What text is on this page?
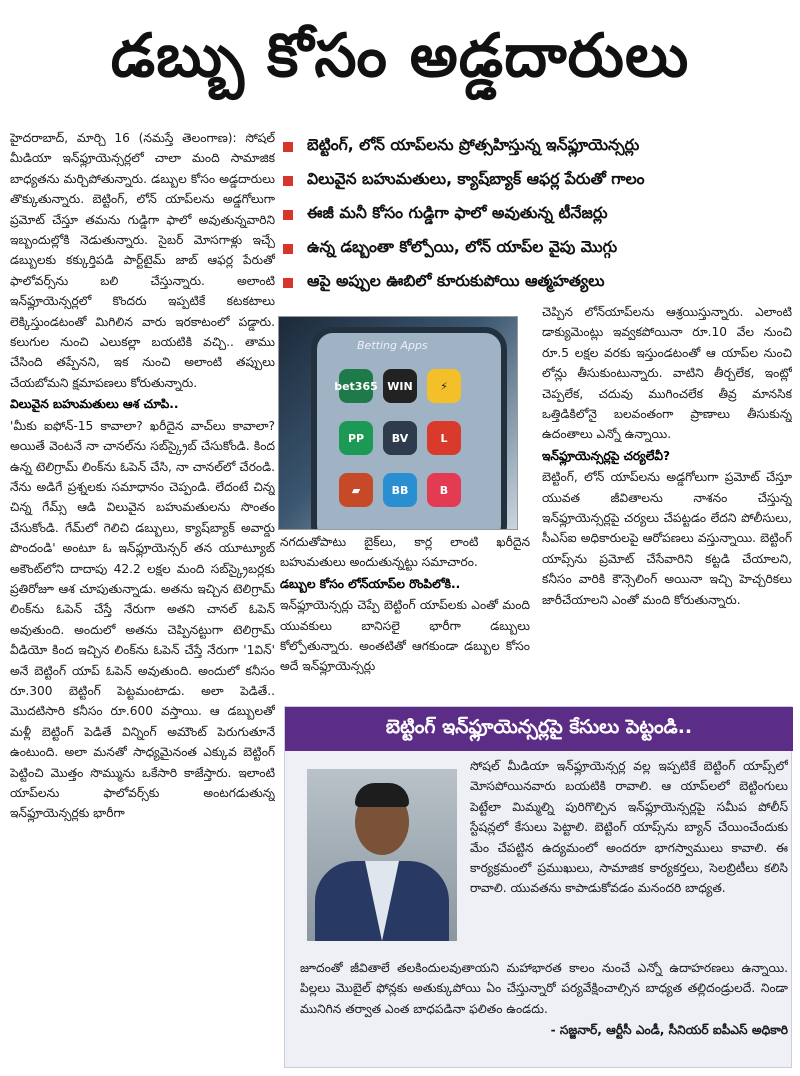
డబ్బు కోసం అడ్డదారులు

హైదరాబాద్, మార్చి 16 (నమస్తే తెలంగాణ): సోషల్ మీడియా ఇన్‌ఫ్లూయెన్సర్లలో చాలా మంది సామాజిక బాధ్యతను మర్చిపోతున్నారు. డబ్బుల కోసం అడ్డదారులు తొక్కుతున్నారు. బెట్టింగ్, లోన్ యాప్‌లను అడ్డగోలుగా ప్రమోట్ చేస్తూ తమను గుడ్డిగా ఫాలో అవుతున్నవారిని ఇబ్బందుల్లోకి నెడుతున్నారు. సైబర్ మోసగాళ్లు ఇచ్చే డబ్బులకు కక్కుర్తిపడి పార్ట్‌టైమ్ జాబ్ ఆఫర్ల పేరుతో ఫాలోవర్స్‌ను బలి చేస్తున్నారు. అలాంటి ఇన్‌ఫ్లూయెన్సర్లలో కొందరు ఇప్పటికే కటకటాలు లెక్కిస్తుండటంతో మిగిలిన వారు ఇరకాటంలో పడ్డారు. కలుగుల నుంచి ఎలుకల్లా బయటికి వచ్చి.. తాము చేసింది తప్పేనని, ఇక నుంచి అలాంటి తప్పులు చేయబోమని క్షమాపణలు కోరుతున్నారు.

విలువైన బహుమతులు ఆశ చూపి..

'మీకు ఐఫోన్-15 కావాలా? ఖరీదైన వాచ్‌లు కావాలా? అయితే వెంటనే నా చానల్‌ను సబ్‌స్క్రైబ్ చేసుకోండి. కింద ఉన్న టెలిగ్రామ్ లింక్‌ను ఓపెన్ చేసి, నా చానల్‌లో చేరండి. నేను అడిగే ప్రశ్నలకు సమాధానం చెప్పండి. లేదంటే చిన్న చిన్న గేమ్స్ ఆడి విలువైన బహుమతులను సొంతం చేసుకోండి. గేమ్‌లో గెలిచి డబ్బులు, క్యాష్‌బ్యాక్ అవార్డు పొందండి' అంటూ ఓ ఇన్‌ఫ్లూయెన్సర్ తన యూట్యూబ్ అకౌంట్‌లోని దాదాపు 42.2 లక్షల మంది సబ్‌స్క్రైబర్లకు ప్రతిరోజూ ఆశ చూపుతున్నాడు. అతను ఇచ్చిన టెలిగ్రామ్ లింక్‌ను ఓపెన్ చేస్తే నేరుగా అతని చానల్ ఓపెన్ అవుతుంది. అందులో అతను చెప్పినట్టుగా టెలిగ్రామ్ వీడియో కింద ఇచ్చిన లింక్‌ను ఓపెన్ చేస్తే నేరుగా '1విన్' అనే బెట్టింగ్ యాప్ ఓపెన్ అవుతుంది. అందులో కనీసం రూ.300 బెట్టింగ్ పెట్టమంటాడు. అలా పెడితే.. మొదటిసారి కనీసం రూ.600 వస్తాయి. ఆ డబ్బులతో మళ్లీ బెట్టింగ్ పెడితే విన్నింగ్ అమౌంట్ పెరుగుతూనే ఉంటుంది. అలా మనతో సాధ్యమైనంత ఎక్కువ బెట్టింగ్ పెట్టించి మొత్తం సొమ్మును ఒకేసారి కాజేస్తారు. ఇలాంటి యాప్‌లను ఫాలోవర్స్‌కు అంటగడుతున్న ఇన్‌ఫ్లూయెన్సర్లకు భారీగా

బెట్టింగ్, లోన్ యాప్‌లను ప్రోత్సహిస్తున్న ఇన్‌ఫ్లూయెన్సర్లు
విలువైన బహుమతులు, క్యాష్‌బ్యాక్ ఆఫర్ల పేరుతో గాలం
ఈజీ మనీ కోసం గుడ్డిగా ఫాలో అవుతున్న టీనేజర్లు
ఉన్న డబ్బంతా కోల్పోయి, లోన్ యాప్‌ల వైపు మొగ్గు
ఆపై అప్పుల ఊబిలో కూరుకుపోయి ఆత్మహత్యలు
Betting Apps
bet365 WIN	⚡
PP	BV	L
▰	BB	B

నగదుతోపాటు బైక్‌లు, కార్ల లాంటి ఖరీదైన బహుమతులు అందుతున్నట్టు సమాచారం.

డబ్బుల కోసం లోన్‌యాప్‌ల రొంపిలోకి..

ఇన్‌ఫ్లూయెన్సర్లు చెప్పే బెట్టింగ్ యాప్‌లకు ఎంతో మంది యువకులు బానిసలై భారీగా డబ్బులు కోల్పోతున్నారు. అంతటితో ఆగకుండా డబ్బుల కోసం అదే ఇన్‌ఫ్లూయెన్సర్లు

చెప్పిన లోన్‌యాప్‌లను ఆశ్రయిస్తున్నారు. ఎలాంటి డాక్యుమెంట్లు ఇవ్వకపోయినా రూ.10 వేల నుంచి రూ.5 లక్షల వరకు ఇస్తుండటంతో ఆ యాప్‌ల నుంచి లోన్లు తీసుకుంటున్నారు. వాటిని తీర్చలేక, ఇంట్లో చెప్పలేక, చదువు ముగించలేక తీవ్ర మానసిక ఒత్తిడికిలోనై బలవంతంగా ప్రాణాలు తీసుకున్న ఉదంతాలు ఎన్నో ఉన్నాయి.

ఇన్‌ఫ్లూయెన్సర్లపై చర్యలేవీ?

బెట్టింగ్, లోన్ యాప్‌లను అడ్డగోలుగా ప్రమోట్ చేస్తూ యువత జీవితాలను నాశనం చేస్తున్న ఇన్‌ఫ్లూయెన్సర్లపై చర్యలు చేపట్టడం లేదని పోలీసులు, సీఎస్‌ఐ అధికారులపై ఆరోపణలు వస్తున్నాయి. బెట్టింగ్ యాప్స్‌ను ప్రమోట్ చేసేవారిని కట్టడి చేయాలని, కనీసం వారికి కౌన్సెలింగ్ అయినా ఇచ్చి హెచ్చరికలు జారీచేయాలని ఎంతో మంది కోరుతున్నారు.

బెట్టింగ్ ఇన్‌ఫ్లూయెన్సర్లపై కేసులు పెట్టండి..

సోషల్ మీడియా ఇన్‌ఫ్లూయెన్సర్ల వల్ల ఇప్పటికే బెట్టింగ్ యాప్స్‌లో మోసపోయినవారు బయటికి రావాలి. ఆ యాప్‌లలో బెట్టింగులు పెట్టేలా మిమ్మల్ని పురిగొల్పిన ఇన్‌ఫ్లూయెన్సర్లపై సమీప పోలీస్ స్టేషన్లలో కేసులు పెట్టాలి. బెట్టింగ్ యాప్స్‌ను బ్యాన్ చేయించేందుకు మేం చేపట్టిన ఉద్యమంలో అందరూ భాగస్వాములు కావాలి. ఈ కార్యక్రమంలో ప్రముఖులు, సామాజిక కార్యకర్తలు, సెలబ్రిటీలు కలిసి రావాలి. యువతను కాపాడుకోవడం మనందరి బాధ్యత.

జూదంతో జీవితాలే తలకిందులవుతాయని మహాభారత కాలం నుంచే ఎన్నో ఉదాహరణలు ఉన్నాయి. పిల్లలు మొబైల్ ఫోన్లకు అతుక్కుపోయి ఏం చేస్తున్నారో పర్యవేక్షించాల్సిన బాధ్యత తల్లిదండ్రులదే. నిండా మునిగిన తర్వాత ఎంత బాధపడినా ఫలితం ఉండదు.

- సజ్జనార్, ఆర్టీసీ ఎండీ, సీనియర్ ఐపీఎస్ అధికారి
